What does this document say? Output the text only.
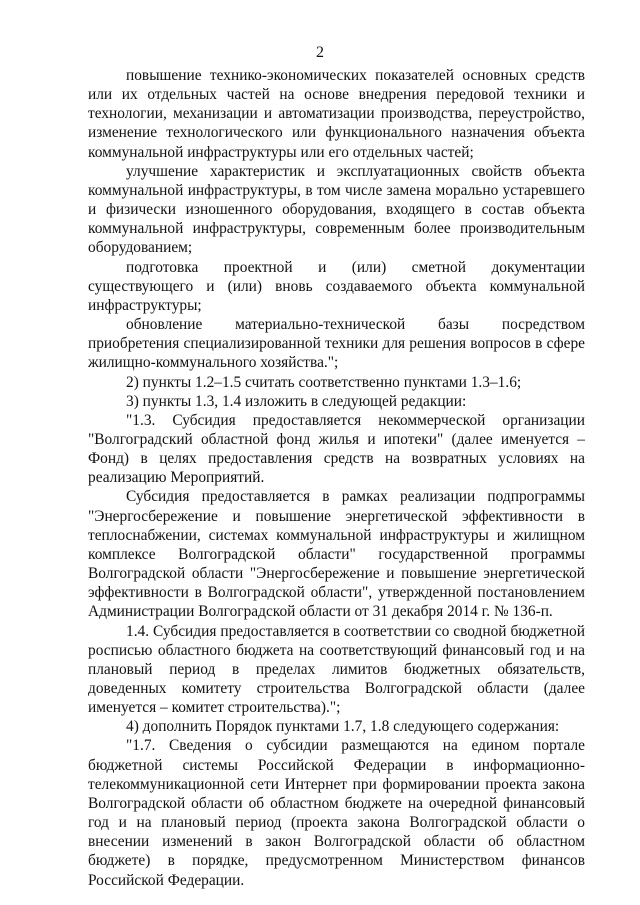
2

повышение технико-экономических показателей основных средств или их отдельных частей на основе внедрения передовой техники и технологии, механизации и автоматизации производства, переустройство, изменение технологического или функционального назначения объекта коммунальной инфраструктуры или его отдельных частей;

улучшение характеристик и эксплуатационных свойств объекта коммунальной инфраструктуры, в том числе замена морально устаревшего и физически изношенного оборудования, входящего в состав объекта коммунальной инфраструктуры, современным более производительным оборудованием;

подготовка проектной и (или) сметной документации существующего и (или) вновь создаваемого объекта коммунальной инфраструктуры;

обновление материально-технической базы посредством приобретения специализированной техники для решения вопросов в сфере жилищно-коммунального хозяйства.";

2) пункты 1.2–1.5 считать соответственно пунктами 1.3–1.6;

3) пункты 1.3, 1.4 изложить в следующей редакции:

"1.3. Субсидия предоставляется некоммерческой организации "Волгоградский областной фонд жилья и ипотеки" (далее именуется – Фонд) в целях предоставления средств на возвратных условиях на реализацию Мероприятий.

Субсидия предоставляется в рамках реализации подпрограммы "Энергосбережение и повышение энергетической эффективности в теплоснабжении, системах коммунальной инфраструктуры и жилищном комплексе Волгоградской области" государственной программы Волгоградской области "Энергосбережение и повышение энергетической эффективности в Волгоградской области", утвержденной постановлением Администрации Волгоградской области от 31 декабря 2014 г. № 136-п.

1.4. Субсидия предоставляется в соответствии со сводной бюджетной росписью областного бюджета на соответствующий финансовый год и на плановый период в пределах лимитов бюджетных обязательств, доведенных комитету строительства Волгоградской области (далее именуется – комитет строительства).";

4) дополнить Порядок пунктами 1.7, 1.8 следующего содержания:

"1.7. Сведения о субсидии размещаются на едином портале бюджетной системы Российской Федерации в информационно-телекоммуникационной сети Интернет при формировании проекта закона Волгоградской области об областном бюджете на очередной финансовый год и на плановый период (проекта закона Волгоградской области о внесении изменений в закон Волгоградской области об областном бюджете) в порядке, предусмотренном Министерством финансов Российской Федерации.
